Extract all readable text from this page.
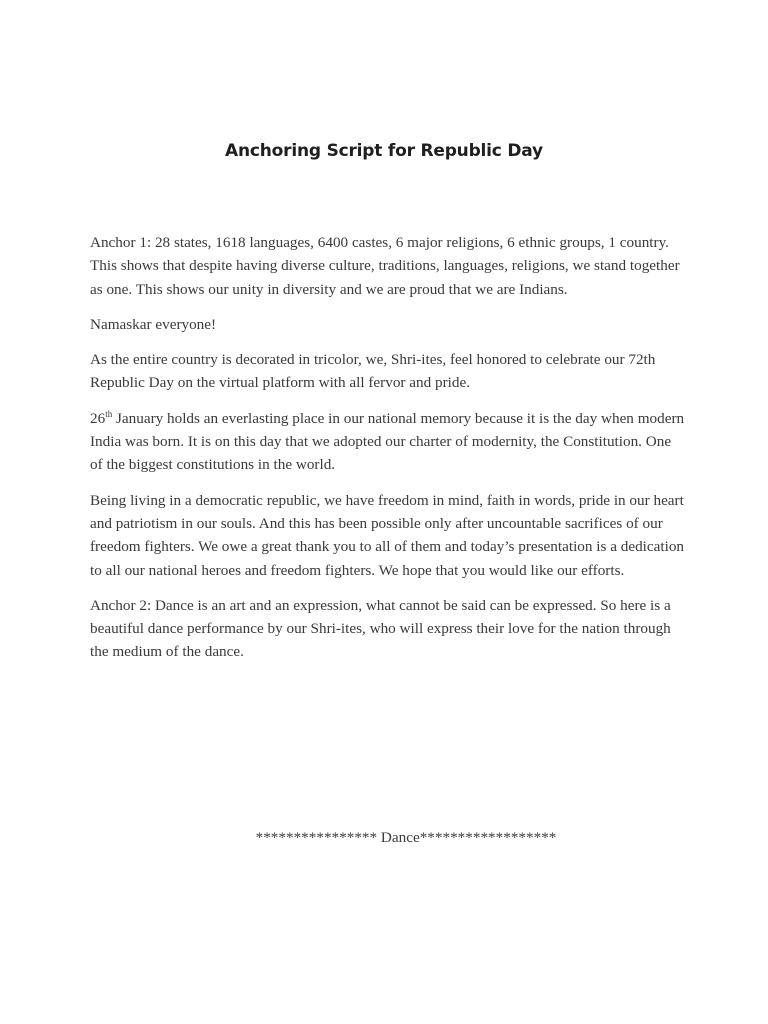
Anchoring Script for Republic Day

Anchor 1: 28 states, 1618 languages, 6400 castes, 6 major religions, 6 ethnic groups, 1 country. This shows that despite having diverse culture, traditions, languages, religions, we stand together as one. This shows our unity in diversity and we are proud that we are Indians.

Namaskar everyone!

As the entire country is decorated in tricolor, we, Shri-ites, feel honored to celebrate our 72th Republic Day on the virtual platform with all fervor and pride.

26th January holds an everlasting place in our national memory because it is the day when modern India was born. It is on this day that we adopted our charter of modernity, the Constitution. One of the biggest constitutions in the world.

Being living in a democratic republic, we have freedom in mind, faith in words, pride in our heart and patriotism in our souls. And this has been possible only after uncountable sacrifices of our freedom fighters. We owe a great thank you to all of them and today’s presentation is a dedication to all our national heroes and freedom fighters. We hope that you would like our efforts.

Anchor 2: Dance is an art and an expression, what cannot be said can be expressed. So here is a beautiful dance performance by our Shri-ites, who will express their love for the nation through the medium of the dance.

**************** Dance******************
